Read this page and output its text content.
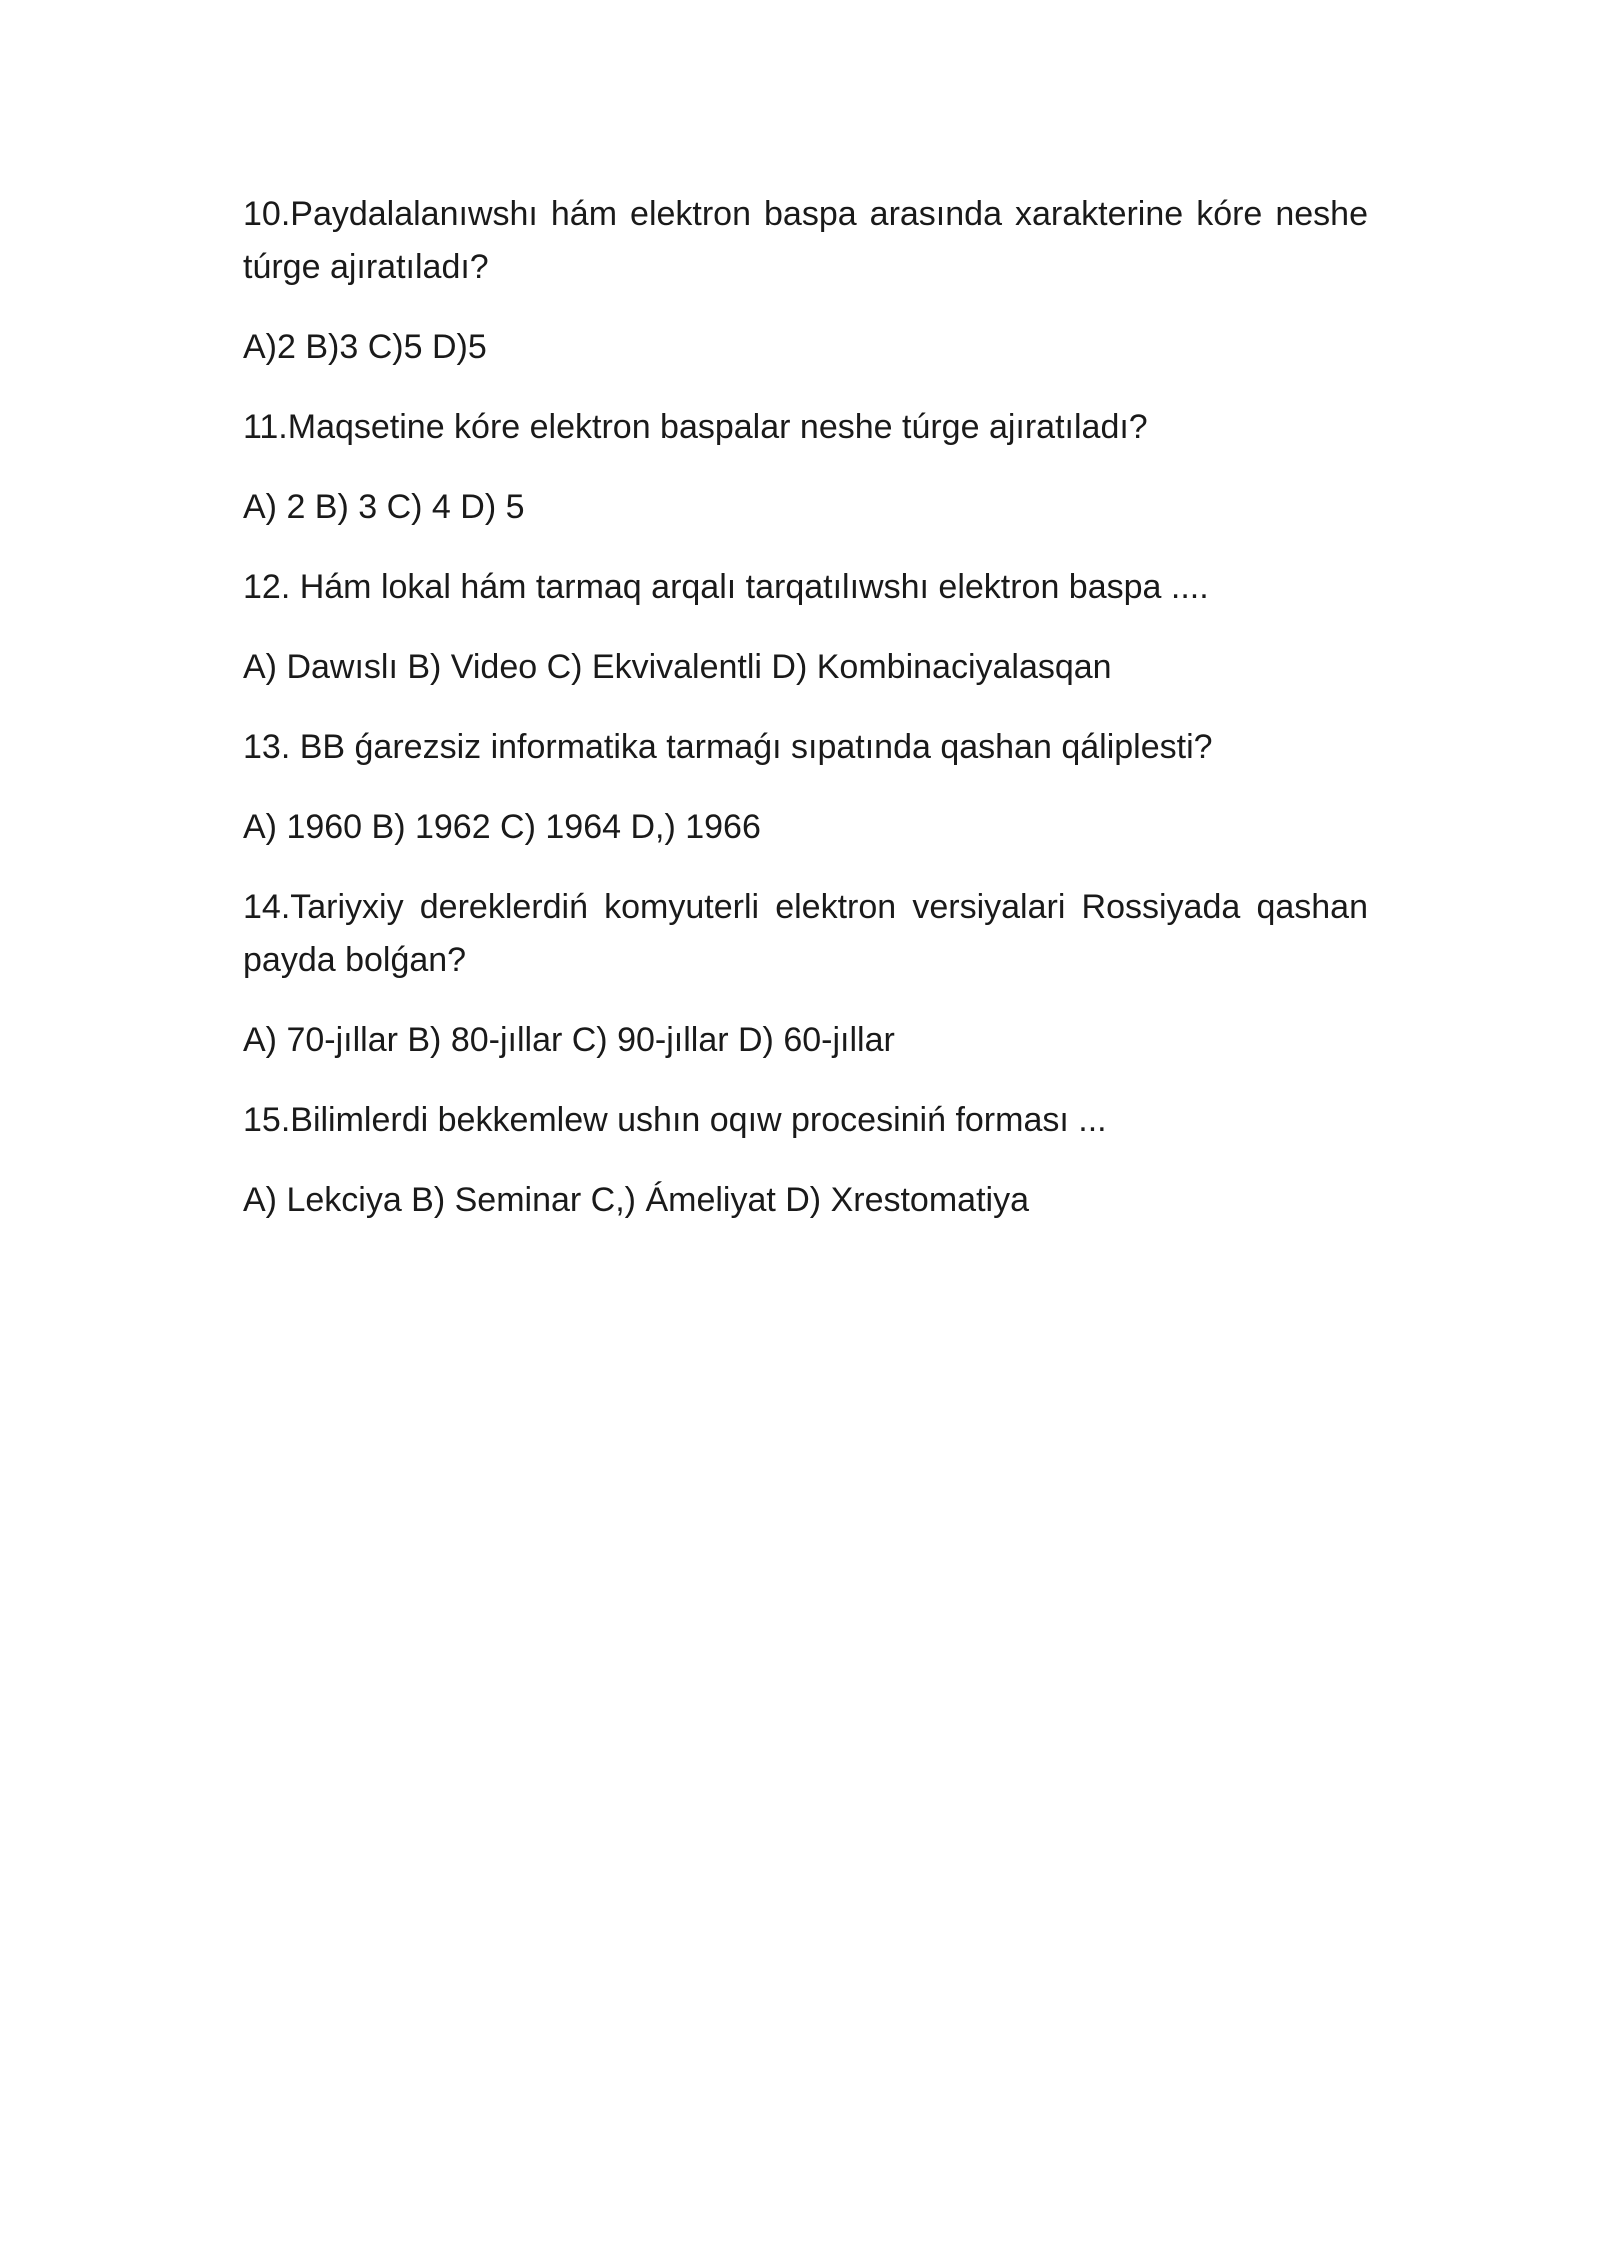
10.Paydalalanıwshı hám elektron baspa arasında xarakterine kóre neshe túrge ajıratıladı?

A)2 B)3 C)5 D)5

11.Maqsetine kóre elektron baspalar neshe túrge ajıratıladı?

A) 2 B) 3 C) 4 D) 5

12. Hám lokal hám tarmaq arqalı tarqatılıwshı elektron baspa ....

A) Dawıslı B) Video C) Ekvivalentli D) Kombinaciyalasqan

13. BB ǵarezsiz informatika tarmaǵı sıpatında qashan qáliplesti?

A) 1960 B) 1962 C) 1964 D,) 1966

14.Tariyxiy dereklerdiń komyuterli elektron versiyalari Rossiyada qashan payda bolǵan?

A) 70-jıllar B) 80-jıllar C) 90-jıllar D) 60-jıllar

15.Bilimlerdi bekkemlew ushın oqıw procesiniń forması ...

A) Lekciya B) Seminar C,) Ámeliyat D) Xrestomatiya
